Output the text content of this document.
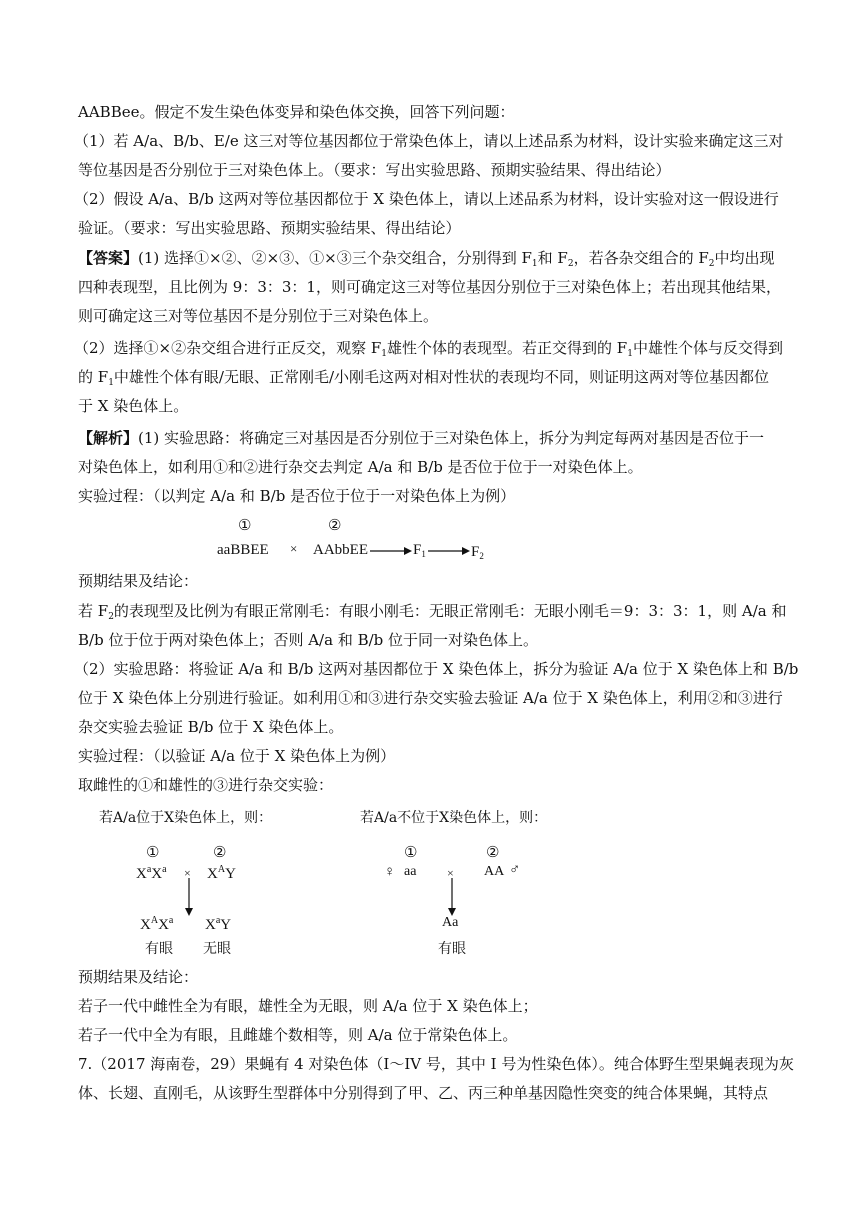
AABBee。假定不发生染色体变异和染色体交换，回答下列问题：
（1）若 A/a、B/b、E/e 这三对等位基因都位于常染色体上，请以上述品系为材料，设计实验来确定这三对
等位基因是否分别位于三对染色体上。（要求：写出实验思路、预期实验结果、得出结论）
（2）假设 A/a、B/b 这两对等位基因都位于 X 染色体上，请以上述品系为材料，设计实验对这一假设进行
验证。（要求：写出实验思路、预期实验结果、得出结论）
【答案】(1) 选择①×②、②×③、①×③三个杂交组合，分别得到 $F_1$和 $F_2$，若各杂交组合的 $F_2$中均出现
四种表现型，且比例为 9：3：3：1，则可确定这三对等位基因分别位于三对染色体上；若出现其他结果，
则可确定这三对等位基因不是分别位于三对染色体上。
（2）选择①×②杂交组合进行正反交，观察 $F_1$雄性个体的表现型。若正交得到的 $F_1$中雄性个体与反交得到
的 $F_1$中雄性个体有眼/无眼、正常刚毛/小刚毛这两对相对性状的表现均不同，则证明这两对等位基因都位
于 X 染色体上。
【解析】(1) 实验思路：将确定三对基因是否分别位于三对染色体上，拆分为判定每两对基因是否位于一
对染色体上，如利用①和②进行杂交去判定 A/a 和 B/b 是否位于位于一对染色体上。
实验过程：（以判定 A/a 和 B/b 是否位于位于一对染色体上为例）
①	②
aaBBEE × AAbbEE	$F_1$	$F_2$
预期结果及结论：
若 $F_2$的表现型及比例为有眼正常刚毛：有眼小刚毛：无眼正常刚毛：无眼小刚毛＝9：3：3：1，则 A/a 和
B/b 位于位于两对染色体上；否则 A/a 和 B/b 位于同一对染色体上。
（2）实验思路：将验证 A/a 和 B/b 这两对基因都位于 X 染色体上，拆分为验证 A/a 位于 X 染色体上和 B/b
位于 X 染色体上分别进行验证。如利用①和③进行杂交实验去验证 A/a 位于 X 染色体上，利用②和③进行
杂交实验去验证 B/b 位于 X 染色体上。
实验过程：（以验证 A/a 位于 X 染色体上为例）
取雌性的①和雄性的③进行杂交实验：
若A/a位于X染色体上，则：	若A/a不位于X染色体上，则：
①	②
$X^aX^a \times X^AY$
$X^AX^a$ $X^aY$
有眼 无眼
①	②
♀ aa	× AA ♂
Aa
有眼
预期结果及结论：
若子一代中雌性全为有眼，雄性全为无眼，则 A/a 位于 X 染色体上；
若子一代中全为有眼，且雌雄个数相等，则 A/a 位于常染色体上。
7.（2017 海南卷，29）果蝇有 4 对染色体（I～IV 号，其中 I 号为性染色体）。纯合体野生型果蝇表现为灰
体、长翅、直刚毛，从该野生型群体中分别得到了甲、乙、丙三种单基因隐性突变的纯合体果蝇，其特点
